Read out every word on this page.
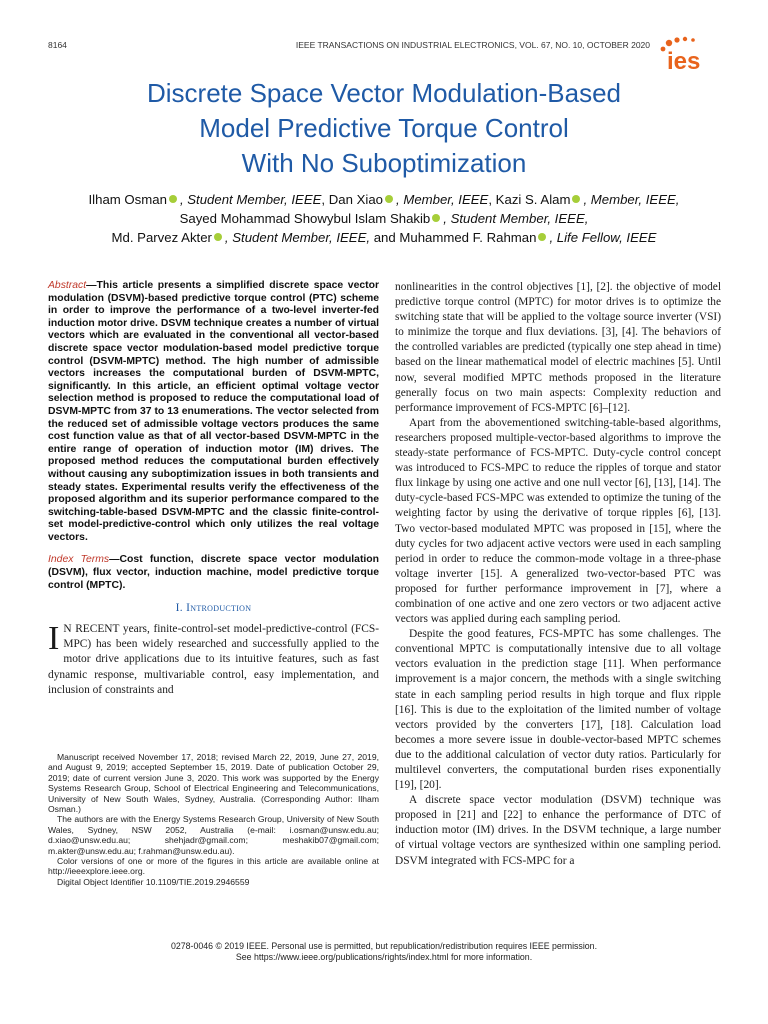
8164	IEEE TRANSACTIONS ON INDUSTRIAL ELECTRONICS, VOL. 67, NO. 10, OCTOBER 2020
ies
Discrete Space Vector Modulation-Based
Model Predictive Torque Control
With No Suboptimization
Ilham Osman , Student Member, IEEE, Dan Xiao , Member, IEEE, Kazi S. Alam , Member, IEEE,
Sayed Mohammad Showybul Islam Shakib , Student Member, IEEE,
Md. Parvez Akter , Student Member, IEEE, and Muhammed F. Rahman , Life Fellow, IEEE

Abstract—This article presents a simplified discrete space vector modulation (DSVM)-based predictive torque control (PTC) scheme in order to improve the performance of a two-level inverter-fed induction motor drive. DSVM technique creates a number of virtual vectors which are evaluated in the conventional all vector-based discrete space vector modulation-based model predictive torque control (DSVM-MPTC) method. The high number of admissible vectors increases the computational burden of DSVM-MPTC, significantly. In this article, an efficient optimal voltage vector selection method is proposed to reduce the computational load of DSVM-MPTC from 37 to 13 enumerations. The vector selected from the reduced set of admissible voltage vectors produces the same cost function value as that of all vector-based DSVM-MPTC in the entire range of operation of induction motor (IM) drives. The proposed method reduces the computational burden effectively without causing any suboptimization issues in both transients and steady states. Experimental results verify the effectiveness of the proposed algorithm and its superior performance compared to the switching-table-based DSVM-MPTC and the classic finite-control-set model-predictive-control which only utilizes the real voltage vectors.

Index Terms—Cost function, discrete space vector modulation (DSVM), flux vector, induction machine, model predictive torque control (MPTC).

I. Introduction

I N RECENT years, finite-control-set model-predictive-control (FCS-MPC) has been widely researched and successfully applied to the motor drive applications due to its intuitive features, such as fast dynamic response, multivariable control, easy implementation, and inclusion of constraints and

Manuscript received November 17, 2018; revised March 22, 2019, June 27, 2019, and August 9, 2019; accepted September 15, 2019. Date of publication October 29, 2019; date of current version June 3, 2020. This work was supported by the Energy Systems Research Group, School of Electrical Engineering and Telecommunications, University of New South Wales, Sydney, Australia. (Corresponding Author: Ilham Osman.)

The authors are with the Energy Systems Research Group, University of New South Wales, Sydney, NSW 2052, Australia (e-mail: i.osman@unsw.edu.au; d.xiao@unsw.edu.au; shehjadr@gmail.com; meshakib07@gmail.com; m.akter@unsw.edu.au; f.rahman@unsw.edu.au).

Color versions of one or more of the figures in this article are available online at http://ieeexplore.ieee.org.

Digital Object Identifier 10.1109/TIE.2019.2946559

nonlinearities in the control objectives [1], [2]. the objective of model predictive torque control (MPTC) for motor drives is to optimize the switching state that will be applied to the voltage source inverter (VSI) to minimize the torque and flux deviations. [3], [4]. The behaviors of the controlled variables are predicted (typically one step ahead in time) based on the linear mathematical model of electric machines [5]. Until now, several modified MPTC methods proposed in the literature generally focus on two main aspects: Complexity reduction and performance improvement of FCS-MPTC [6]–[12].

Apart from the abovementioned switching-table-based algorithms, researchers proposed multiple-vector-based algorithms to improve the steady-state performance of FCS-MPTC. Duty-cycle control concept was introduced to FCS-MPC to reduce the ripples of torque and stator flux linkage by using one active and one null vector [6], [13], [14]. The duty-cycle-based FCS-MPC was extended to optimize the tuning of the weighting factor by using the derivative of torque ripples [6], [13]. Two vector-based modulated MPTC was proposed in [15], where the duty cycles for two adjacent active vectors were used in each sampling period in order to reduce the common-mode voltage in a three-phase voltage inverter [15]. A generalized two-vector-based PTC was proposed for further performance improvement in [7], where a combination of one active and one zero vectors or two adjacent active vectors was applied during each sampling period.

Despite the good features, FCS-MPTC has some challenges. The conventional MPTC is computationally intensive due to all voltage vectors evaluation in the prediction stage [11]. When performance improvement is a major concern, the methods with a single switching state in each sampling period results in high torque and flux ripple [16]. This is due to the exploitation of the limited number of voltage vectors provided by the converters [17], [18]. Calculation load becomes a more severe issue in double-vector-based MPTC schemes due to the additional calculation of vector duty ratios. Particularly for multilevel converters, the computational burden rises exponentially [19], [20].

A discrete space vector modulation (DSVM) technique was proposed in [21] and [22] to enhance the performance of DTC of induction motor (IM) drives. In the DSVM technique, a large number of virtual voltage vectors are synthesized within one sampling period. DSVM integrated with FCS-MPC for a

0278-0046 © 2019 IEEE. Personal use is permitted, but republication/redistribution requires IEEE permission.
See https://www.ieee.org/publications/rights/index.html for more information.
